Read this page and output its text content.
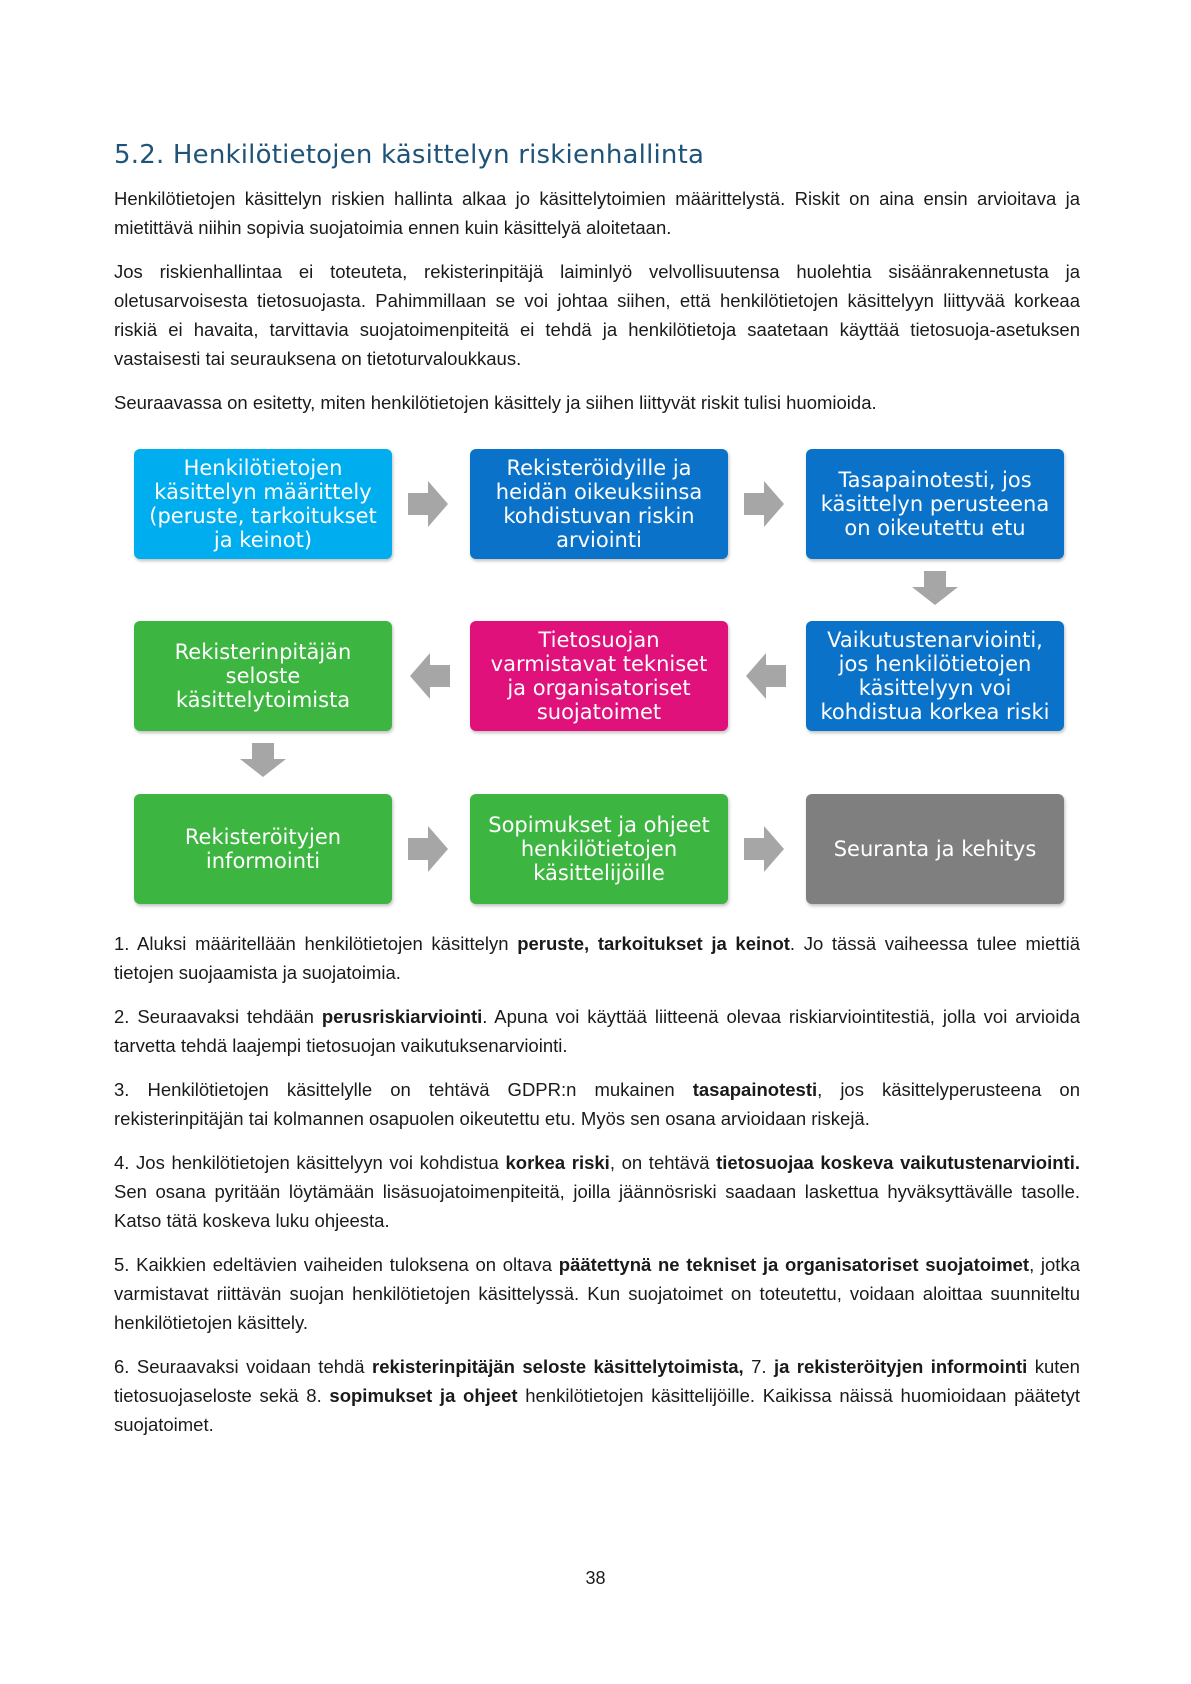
5.2. Henkilötietojen käsittelyn riskienhallinta

Henkilötietojen käsittelyn riskien hallinta alkaa jo käsittelytoimien määrittelystä. Riskit on aina ensin arvioitava ja mietittävä niihin sopivia suojatoimia ennen kuin käsittelyä aloitetaan.

Jos riskienhallintaa ei toteuteta, rekisterinpitäjä laiminlyö velvollisuutensa huolehtia sisäänrakennetusta ja oletusarvoisesta tietosuojasta. Pahimmillaan se voi johtaa siihen, että henkilötietojen käsittelyyn liittyvää korkeaa riskiä ei havaita, tarvittavia suojatoimenpiteitä ei tehdä ja henkilötietoja saatetaan käyttää tietosuoja-asetuksen vastaisesti tai seurauksena on tietoturvaloukkaus.

Seuraavassa on esitetty, miten henkilötietojen käsittely ja siihen liittyvät riskit tulisi huomioida.

Henkilötietojen käsittelyn määrittely (peruste, tarkoitukset ja keinot)
Rekisteröidyille ja heidän oikeuksiinsa kohdistuvan riskin arviointi
Tasapainotesti, jos käsittelyn perusteena on oikeutettu etu
Vaikutustenarviointi, jos henkilötietojen käsittelyyn voi kohdistua korkea riski
Tietosuojan varmistavat tekniset ja organisatoriset suojatoimet
Rekisterinpitäjän seloste käsittelytoimista
Rekisteröityjen informointi
Sopimukset ja ohjeet henkilötietojen käsittelijöille
Seuranta ja kehitys

1. Aluksi määritellään henkilötietojen käsittelyn peruste, tarkoitukset ja keinot. Jo tässä vaiheessa tulee miettiä tietojen suojaamista ja suojatoimia.

2. Seuraavaksi tehdään perusriskiarviointi. Apuna voi käyttää liitteenä olevaa riskiarviointitestiä, jolla voi arvioida tarvetta tehdä laajempi tietosuojan vaikutuksenarviointi.

3. Henkilötietojen käsittelylle on tehtävä GDPR:n mukainen tasapainotesti, jos käsittelyperusteena on rekisterinpitäjän tai kolmannen osapuolen oikeutettu etu. Myös sen osana arvioidaan riskejä.

4. Jos henkilötietojen käsittelyyn voi kohdistua korkea riski, on tehtävä tietosuojaa koskeva vaikutustenarviointi. Sen osana pyritään löytämään lisäsuojatoimenpiteitä, joilla jäännösriski saadaan laskettua hyväksyttävälle tasolle. Katso tätä koskeva luku ohjeesta.

5. Kaikkien edeltävien vaiheiden tuloksena on oltava päätettynä ne tekniset ja organisatoriset suojatoimet, jotka varmistavat riittävän suojan henkilötietojen käsittelyssä. Kun suojatoimet on toteutettu, voidaan aloittaa suunniteltu henkilötietojen käsittely.

6. Seuraavaksi voidaan tehdä rekisterinpitäjän seloste käsittelytoimista, 7. ja rekisteröityjen informointi kuten tietosuojaseloste sekä 8. sopimukset ja ohjeet henkilötietojen käsittelijöille. Kaikissa näissä huomioidaan päätetyt suojatoimet.

38
